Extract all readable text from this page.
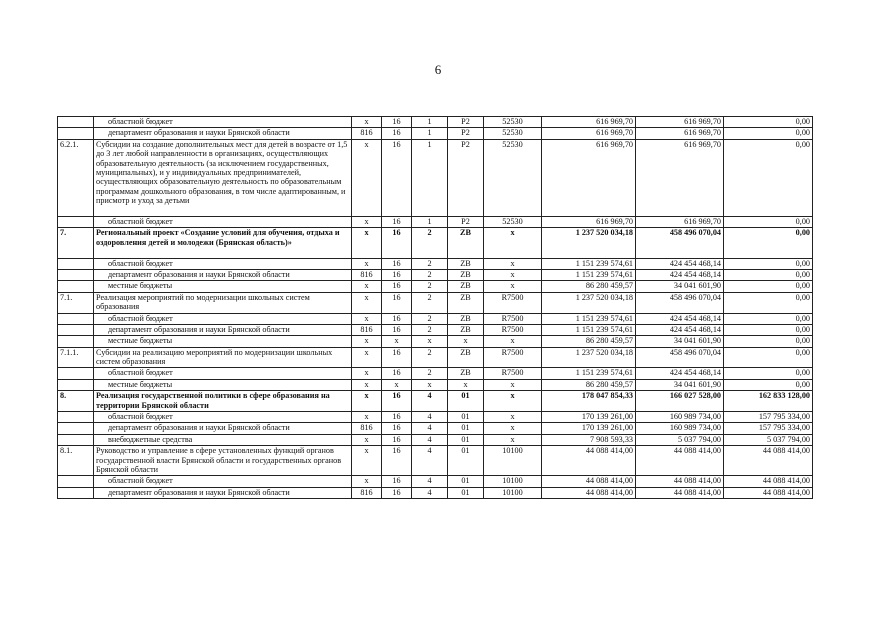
6
	областной бюджет	x	16	1	P2	52530	616 969,70	616 969,70	0,00
	департамент образования и науки Брянской области	816	16	1	P2	52530	616 969,70	616 969,70	0,00
6.2.1.	Субсидии на создание дополнительных мест для детей в возрасте от 1,5 до 3 лет любой направленности в организациях, осуществляющих образовательную деятельность (за исключением государственных, муниципальных), и у индивидуальных предпринимателей, осуществляющих образовательную деятельность по образовательным программам дошкольного образования, в том числе адаптированным, и присмотр и уход за детьми	x	16	1	P2	52530	616 969,70	616 969,70	0,00
	областной бюджет	x	16	1	P2	52530	616 969,70	616 969,70	0,00
7.	Региональный проект «Создание условий для обучения, отдыха и оздоровления детей и молодежи (Брянская область)»	x	16	2	ZB	x	1 237 520 034,18	458 496 070,04	0,00
	областной бюджет	x	16	2	ZB	x	1 151 239 574,61	424 454 468,14	0,00
	департамент образования и науки Брянской области	816	16	2	ZB	x	1 151 239 574,61	424 454 468,14	0,00
	местные бюджеты	x	16	2	ZB	x	86 280 459,57	34 041 601,90	0,00
7.1.	Реализация мероприятий по модернизации школьных систем образования	x	16	2	ZB	R7500	1 237 520 034,18	458 496 070,04	0,00
	областной бюджет	x	16	2	ZB	R7500	1 151 239 574,61	424 454 468,14	0,00
	департамент образования и науки Брянской области	816	16	2	ZB	R7500	1 151 239 574,61	424 454 468,14	0,00
	местные бюджеты	x	x	x	x	x	86 280 459,57	34 041 601,90	0,00
7.1.1.	Субсидии на реализацию мероприятий по модернизации школьных систем образования	x	16	2	ZB	R7500	1 237 520 034,18	458 496 070,04	0,00
	областной бюджет	x	16	2	ZB	R7500	1 151 239 574,61	424 454 468,14	0,00
	местные бюджеты	x	x	x	x	x	86 280 459,57	34 041 601,90	0,00
8.	Реализация государственной политики в сфере образования на территории Брянской области	x	16	4	01	x	178 047 854,33	166 027 528,00	162 833 128,00
	областной бюджет	x	16	4	01	x	170 139 261,00	160 989 734,00	157 795 334,00
	департамент образования и науки Брянской области	816	16	4	01	x	170 139 261,00	160 989 734,00	157 795 334,00
	внебюджетные средства	x	16	4	01	x	7 908 593,33	5 037 794,00	5 037 794,00
8.1.	Руководство и управление в сфере установленных функций органов государственной власти Брянской области и государственных органов Брянской области	x	16	4	01	10100	44 088 414,00	44 088 414,00	44 088 414,00
	областной бюджет	x	16	4	01	10100	44 088 414,00	44 088 414,00	44 088 414,00
	департамент образования и науки Брянской области	816	16	4	01	10100	44 088 414,00	44 088 414,00	44 088 414,00
